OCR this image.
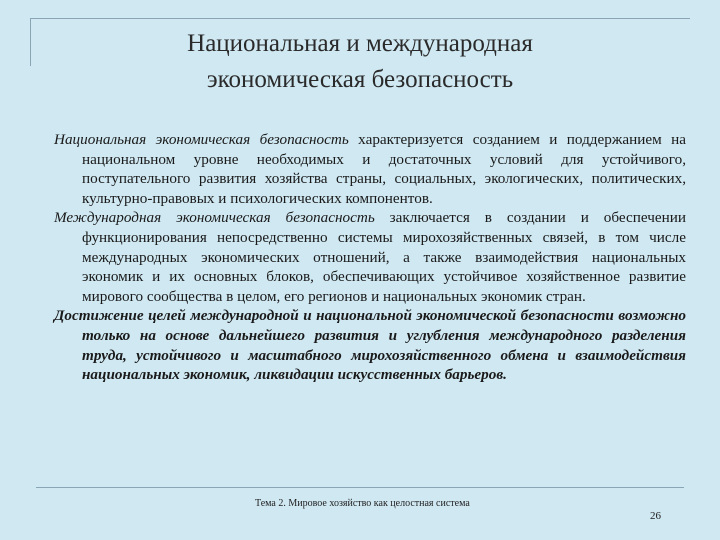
Национальная и международная
экономическая безопасность

Национальная экономическая безопасность характеризуется созданием и поддержанием на национальном уровне необходимых и достаточных условий для устойчивого, поступательного развития хозяйства страны, социальных, экологических, политических, культурно-правовых и психологических компонентов.

Международная экономическая безопасность заключается в создании и обеспечении функционирования непосредственно системы мирохозяйственных связей, в том числе международных экономических отношений, а также взаимодействия национальных экономик и их основных блоков, обеспечивающих устойчивое хозяйственное развитие мирового сообщества в целом, его регионов и национальных экономик стран.

Достижение целей международной и национальной экономической безопасности возможно только на основе дальнейшего развития и углубления международного разделения труда, устойчивого и масштабного мирохозяйственного обмена и взаимодействия национальных экономик, ликвидации искусственных барьеров.

Тема 2. Мировое хозяйство как целостная система
26
